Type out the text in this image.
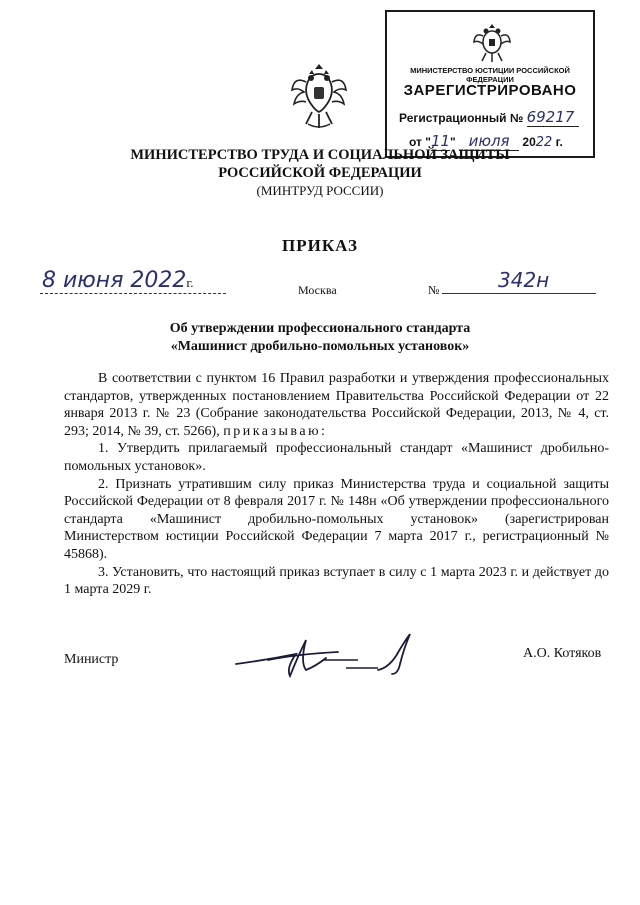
МИНИСТЕРСТВО ЮСТИЦИИ РОССИЙСКОЙ ФЕДЕРАЦИИ
ЗАРЕГИСТРИРОВАНО
Регистрационный № 69217
от "11" июля 2022 г.
МИНИСТЕРСТВО ТРУДА И СОЦИАЛЬНОЙ ЗАЩИТЫ
РОССИЙСКОЙ ФЕДЕРАЦИИ
(МИНТРУД РОССИИ)
ПРИКАЗ
8 июня 2022г.	Москва	№	342н
Об утверждении профессионального стандарта
«Машинист дробильно-помольных установок»

В соответствии с пунктом 16 Правил разработки и утверждения профессиональных стандартов, утвержденных постановлением Правительства Российской Федерации от 22 января 2013 г. № 23 (Собрание законодательства Российской Федерации, 2013, № 4, ст. 293; 2014, № 39, ст. 5266), приказываю:

1. Утвердить прилагаемый профессиональный стандарт «Машинист дробильно-помольных установок».

2. Признать утратившим силу приказ Министерства труда и социальной защиты Российской Федерации от 8 февраля 2017 г. № 148н «Об утверждении профессионального стандарта «Машинист дробильно-помольных установок» (зарегистрирован Министерством юстиции Российской Федерации 7 марта 2017 г., регистрационный № 45868).

3. Установить, что настоящий приказ вступает в силу с 1 марта 2023 г. и действует до 1 марта 2029 г.

Министр	А.О. Котяков
